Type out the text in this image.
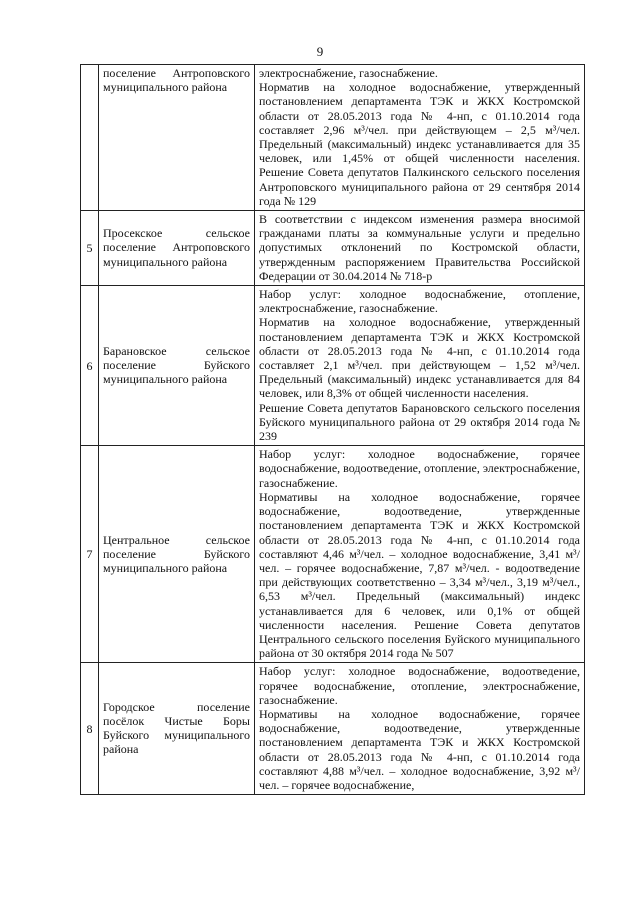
9
	поселение Антроповского муниципального района	электроснабжение, газоснабжение.

Норматив на холодное водоснабжение, утвержденный постановлением департамента ТЭК и ЖКХ Костромской области от 28.05.2013 года № 4-нп, с 01.10.2014 года составляет 2,96 м³/чел. при действующем – 2,5 м³/чел. Предельный (максимальный) индекс устанавливается для 35 человек, или 1,45% от общей численности населения. Решение Совета депутатов Палкинского сельского поселения Антроповского муниципального района от 29 сентября 2014 года № 129

5	Просекское сельское поселение Антроповского муниципального района	В соответствии с индексом изменения размера вносимой гражданами платы за коммунальные услуги и предельно допустимых отклонений по Костромской области, утвержденным распоряжением Правительства Российской Федерации от 30.04.2014 № 718-р

6	Барановское сельское поселение Буйского муниципального района	Набор услуг: холодное водоснабжение, отопление, электроснабжение, газоснабжение.

Норматив на холодное водоснабжение, утвержденный постановлением департамента ТЭК и ЖКХ Костромской области от 28.05.2013 года № 4-нп, с 01.10.2014 года составляет 2,1 м³/чел. при действующем – 1,52 м³/чел. Предельный (максимальный) индекс устанавливается для 84 человек, или 8,3% от общей численности населения.

Решение Совета депутатов Барановского сельского поселения Буйского муниципального района от 29 октября 2014 года № 239

7	Центральное сельское поселение Буйского муниципального района	Набор услуг: холодное водоснабжение, горячее водоснабжение, водоотведение, отопление, электроснабжение, газоснабжение.

Нормативы на холодное водоснабжение, горячее водоснабжение, водоотведение, утвержденные постановлением департамента ТЭК и ЖКХ Костромской области от 28.05.2013 года № 4-нп, с 01.10.2014 года составляют 4,46 м³/чел. – холодное водоснабжение, 3,41 м³/чел. – горячее водоснабжение, 7,87 м³/чел. - водоотведение при действующих соответственно – 3,34 м³/чел., 3,19 м³/чел., 6,53 м³/чел. Предельный (максимальный) индекс устанавливается для 6 человек, или 0,1% от общей численности населения. Решение Совета депутатов Центрального сельского поселения Буйского муниципального района от 30 октября 2014 года № 507

8	Городское поселение посёлок Чистые Боры Буйского муниципального района	Набор услуг: холодное водоснабжение, водоотведение, горячее водоснабжение, отопление, электроснабжение, газоснабжение.

Нормативы на холодное водоснабжение, горячее водоснабжение, водоотведение, утвержденные постановлением департамента ТЭК и ЖКХ Костромской области от 28.05.2013 года № 4-нп, с 01.10.2014 года составляют 4,88 м³/чел. – холодное водоснабжение, 3,92 м³/чел. – горячее водоснабжение,
